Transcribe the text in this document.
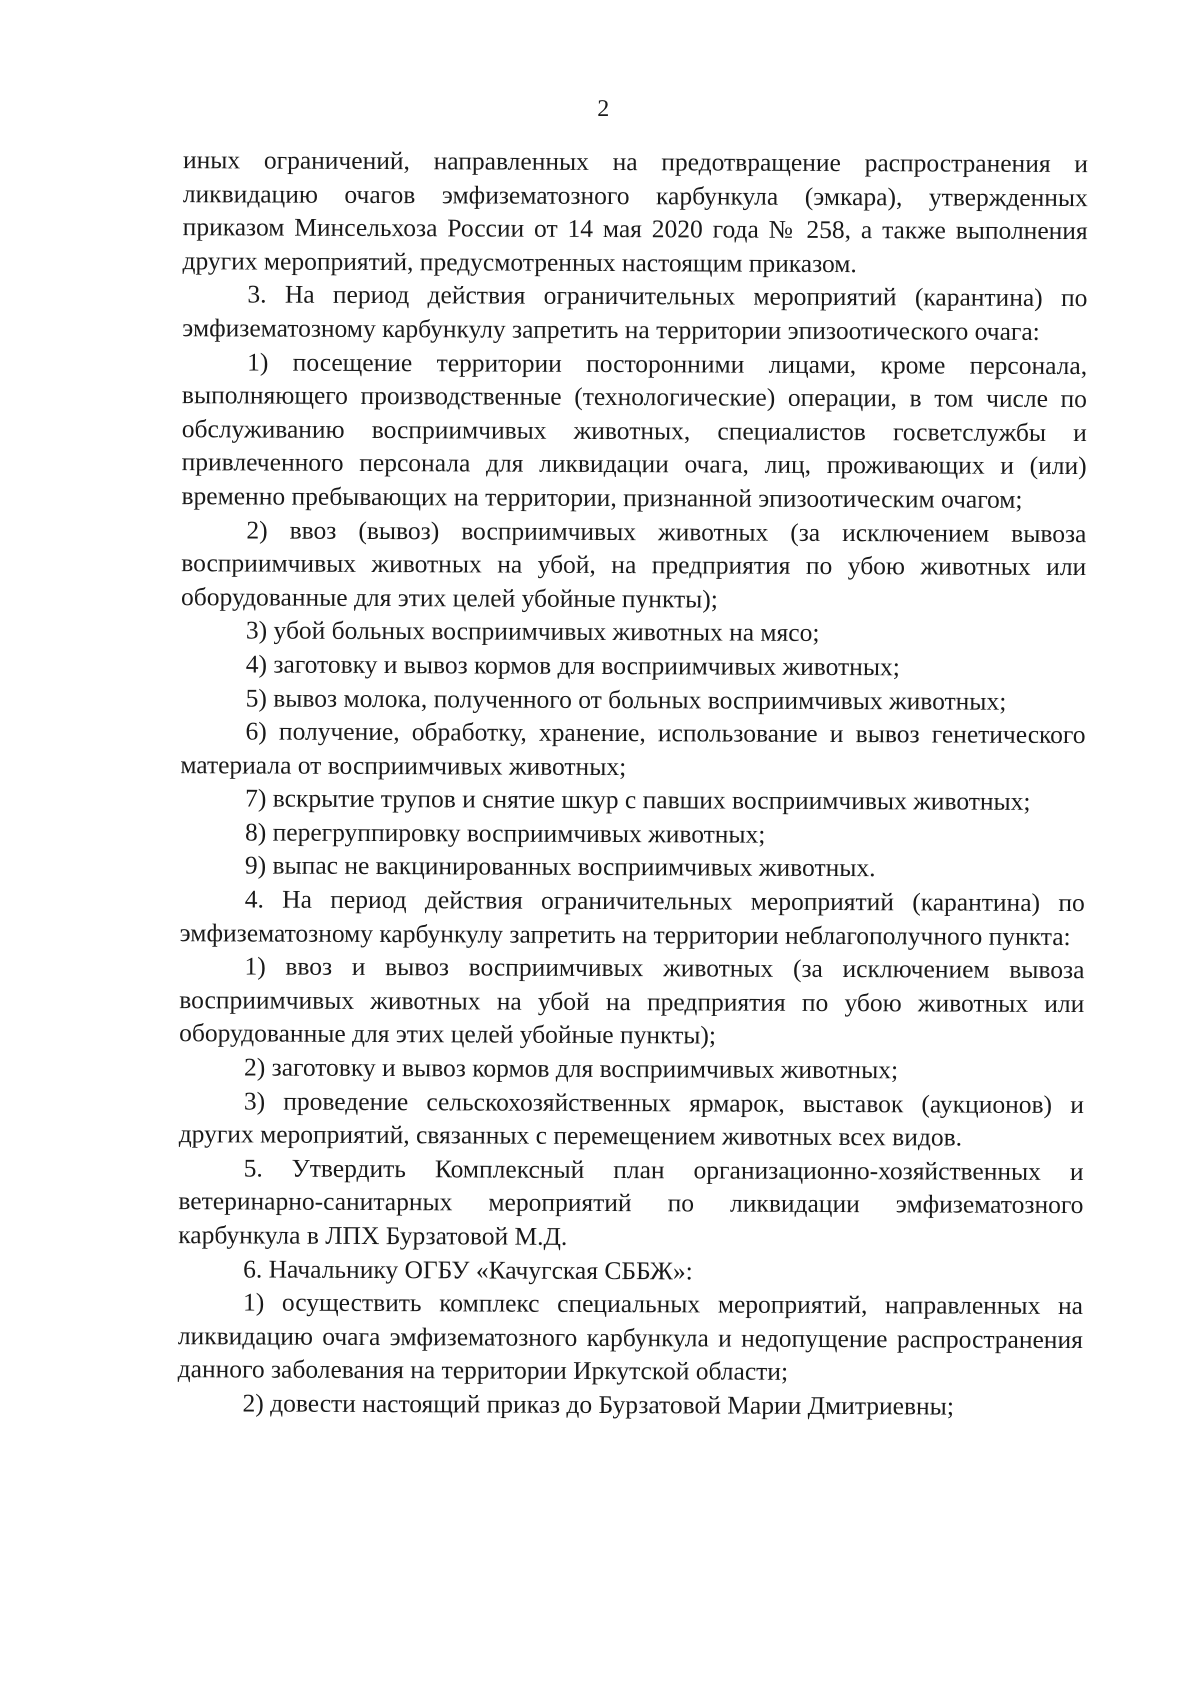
2

иных ограничений, направленных на предотвращение распространения и ликвидацию очагов эмфизематозного карбункула (эмкара), утвержденных приказом Минсельхоза России от 14 мая 2020 года № 258, а также выполнения других мероприятий, предусмотренных настоящим приказом.

3. На период действия ограничительных мероприятий (карантина) по эмфизематозному карбункулу запретить на территории эпизоотического очага:

1) посещение территории посторонними лицами, кроме персонала, выполняющего производственные (технологические) операции, в том числе по обслуживанию восприимчивых животных, специалистов госветслужбы и привлеченного персонала для ликвидации очага, лиц, проживающих и (или) временно пребывающих на территории, признанной эпизоотическим очагом;

2) ввоз (вывоз) восприимчивых животных (за исключением вывоза восприимчивых животных на убой, на предприятия по убою животных или оборудованные для этих целей убойные пункты);

3) убой больных восприимчивых животных на мясо;

4) заготовку и вывоз кормов для восприимчивых животных;

5) вывоз молока, полученного от больных восприимчивых животных;

6) получение, обработку, хранение, использование и вывоз генетического материала от восприимчивых животных;

7) вскрытие трупов и снятие шкур с павших восприимчивых животных;

8) перегруппировку восприимчивых животных;

9) выпас не вакцинированных восприимчивых животных.

4. На период действия ограничительных мероприятий (карантина) по эмфизематозному карбункулу запретить на территории неблагополучного пункта:

1) ввоз и вывоз восприимчивых животных (за исключением вывоза восприимчивых животных на убой на предприятия по убою животных или оборудованные для этих целей убойные пункты);

2) заготовку и вывоз кормов для восприимчивых животных;

3) проведение сельскохозяйственных ярмарок, выставок (аукционов) и других мероприятий, связанных с перемещением животных всех видов.

5. Утвердить Комплексный план организационно-хозяйственных и ветеринарно-санитарных мероприятий по ликвидации эмфизематозного карбункула в ЛПХ Бурзатовой М.Д.

6. Начальнику ОГБУ «Качугская СББЖ»:

1) осуществить комплекс специальных мероприятий, направленных на ликвидацию очага эмфизематозного карбункула и недопущение распространения данного заболевания на территории Иркутской области;

2) довести настоящий приказ до Бурзатовой Марии Дмитриевны;
